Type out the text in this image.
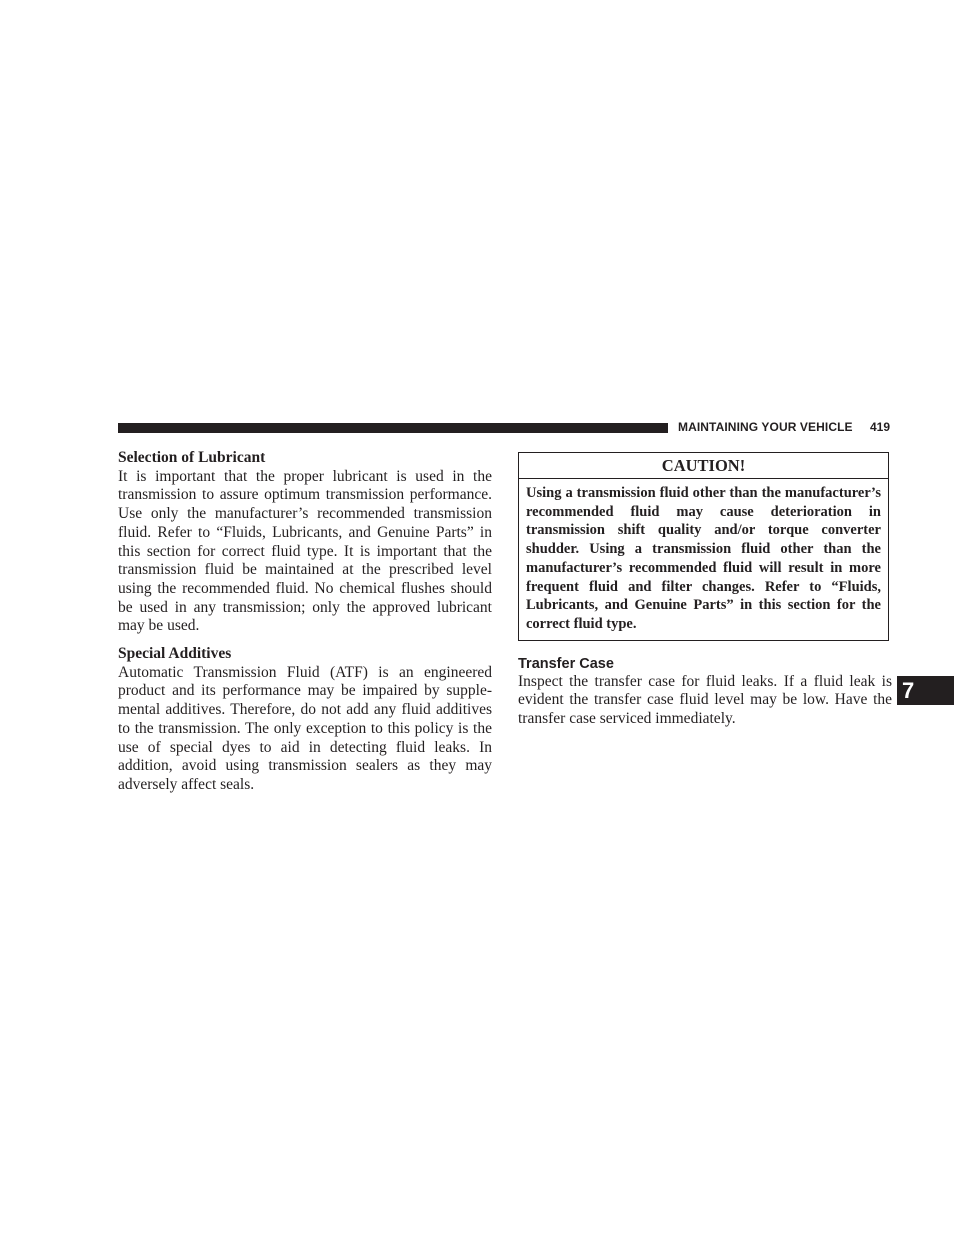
MAINTAINING YOUR VEHICLE 419
Selection of Lubricant

It is important that the proper lubricant is used in the transmission to assure optimum transmission performance. Use only the manufacturer’s recommended transmission fluid. Refer to “Fluids, Lubricants, and Genuine Parts” in this section for correct fluid type. It is important that the transmission fluid be maintained at the prescribed level using the recommended fluid. No chemical flushes should be used in any transmission; only the approved lubricant may be used.

Special Additives

Automatic Transmission Fluid (ATF) is an engineered product and its performance may be impaired by supplemental additives. Therefore, do not add any fluid additives to the transmission. The only exception to this policy is the use of special dyes to aid in detecting fluid leaks. In addition, avoid using transmission sealers as they may adversely affect seals.

CAUTION!
Using a transmission fluid other than the manufacturer’s recommended fluid may cause deterioration in transmission shift quality and/or torque converter shudder. Using a transmission fluid other than the manufacturer’s recommended fluid will result in more frequent fluid and filter changes. Refer to “Fluids, Lubricants, and Genuine Parts” in this section for the correct fluid type.
Transfer Case

Inspect the transfer case for fluid leaks. If a fluid leak is evident the transfer case fluid level may be low. Have the transfer case serviced immediately.

7
